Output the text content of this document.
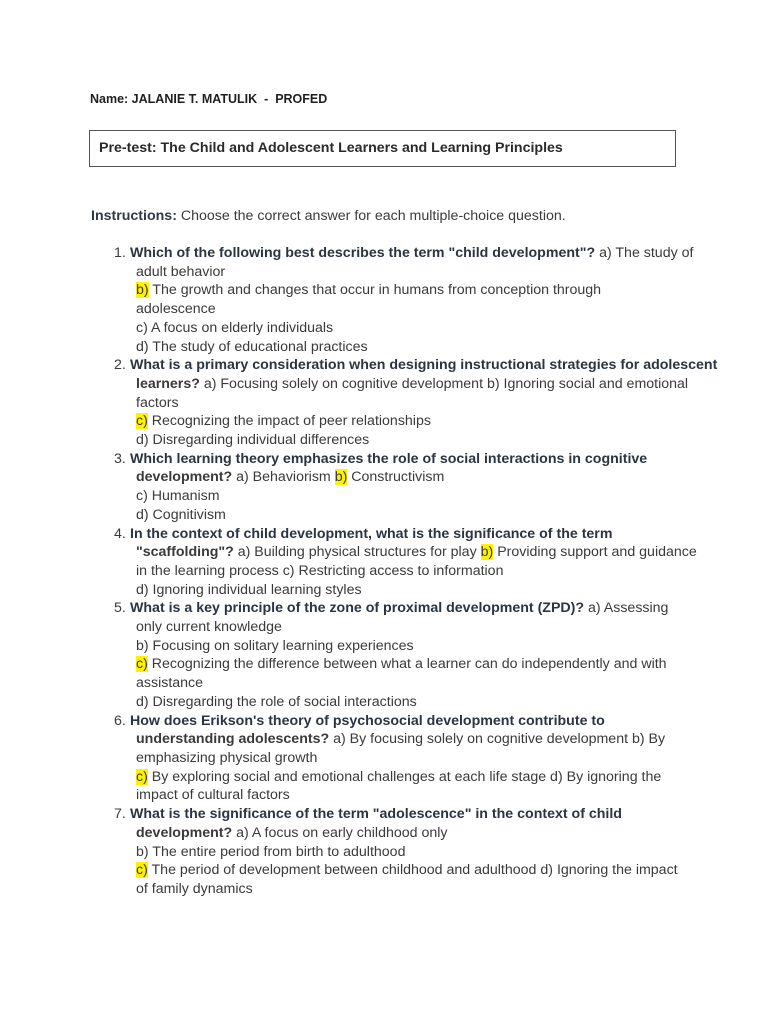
Name: JALANIE T. MATULIK  -  PROFED
Pre-test: The Child and Adolescent Learners and Learning Principles
Instructions: Choose the correct answer for each multiple-choice question.
1. Which of the following best describes the term "child development"? a) The study of
adult behavior
b) The growth and changes that occur in humans from conception through
adolescence
c) A focus on elderly individuals
d) The study of educational practices
2. What is a primary consideration when designing instructional strategies for adolescent
learners? a) Focusing solely on cognitive development b) Ignoring social and emotional
factors
c) Recognizing the impact of peer relationships
d) Disregarding individual differences
3. Which learning theory emphasizes the role of social interactions in cognitive
development? a) Behaviorism b) Constructivism
c) Humanism
d) Cognitivism
4. In the context of child development, what is the significance of the term
"scaffolding"? a) Building physical structures for play b) Providing support and guidance
in the learning process c) Restricting access to information
d) Ignoring individual learning styles
5. What is a key principle of the zone of proximal development (ZPD)? a) Assessing
only current knowledge
b) Focusing on solitary learning experiences
c) Recognizing the difference between what a learner can do independently and with
assistance
d) Disregarding the role of social interactions
6. How does Erikson's theory of psychosocial development contribute to
understanding adolescents? a) By focusing solely on cognitive development b) By
emphasizing physical growth
c) By exploring social and emotional challenges at each life stage d) By ignoring the
impact of cultural factors
7. What is the significance of the term "adolescence" in the context of child
development? a) A focus on early childhood only
b) The entire period from birth to adulthood
c) The period of development between childhood and adulthood d) Ignoring the impact
of family dynamics
